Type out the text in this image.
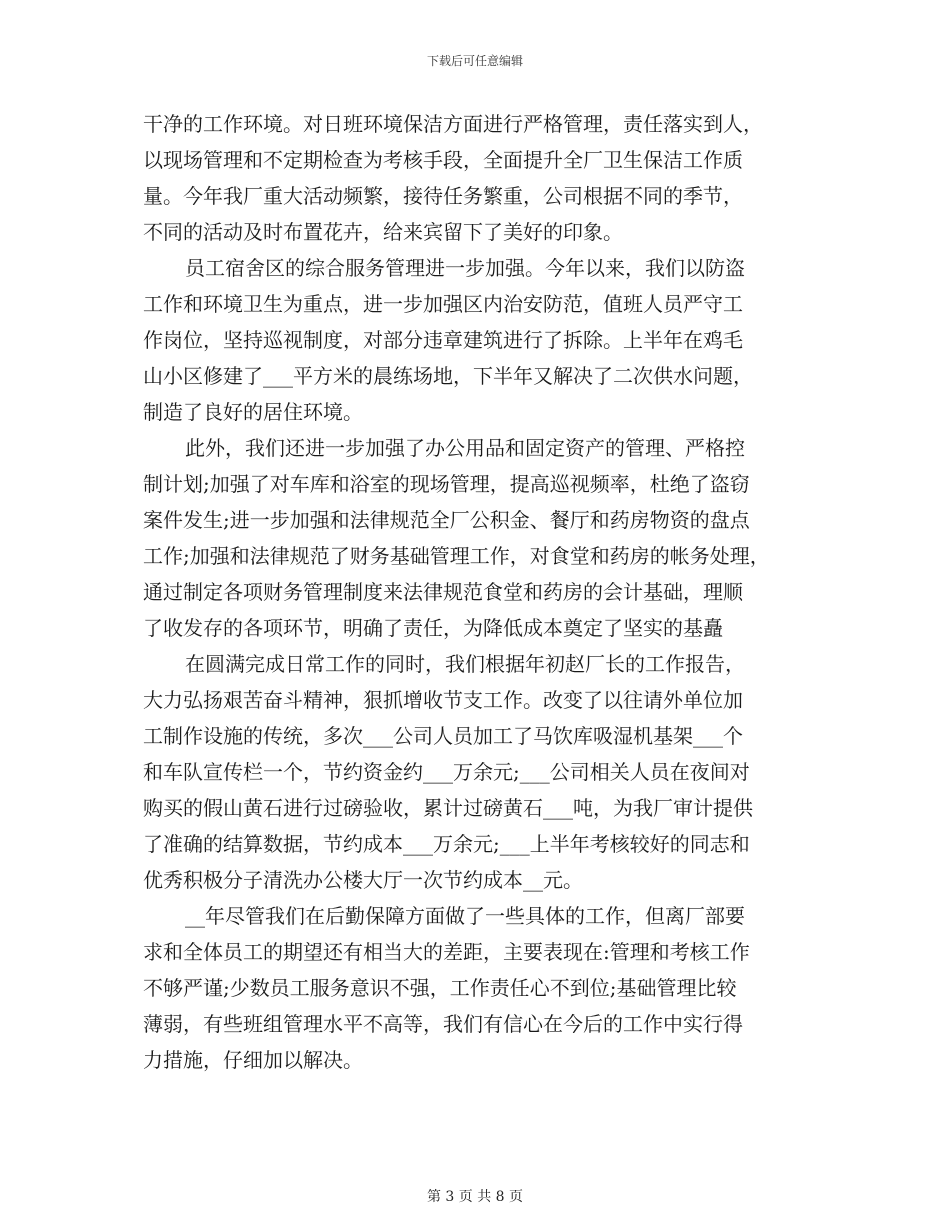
下载后可任意编辑
干净的工作环境。对日班环境保洁方面进行严格管理，责任落实到人，
以现场管理和不定期检查为考核手段，全面提升全厂卫生保洁工作质
量。今年我厂重大活动频繁，接待任务繁重，公司根据不同的季节，
不同的活动及时布置花卉，给来宾留下了美好的印象。
员工宿舍区的综合服务管理进一步加强。今年以来，我们以防盗
工作和环境卫生为重点，进一步加强区内治安防范，值班人员严守工
作岗位，坚持巡视制度，对部分违章建筑进行了拆除。上半年在鸡毛
山小区修建了___平方米的晨练场地，下半年又解决了二次供水问题，
制造了良好的居住环境。
此外，我们还进一步加强了办公用品和固定资产的管理、严格控
制计划;加强了对车库和浴室的现场管理，提高巡视频率，杜绝了盗窃
案件发生;进一步加强和法律规范全厂公积金、餐厅和药房物资的盘点
工作;加强和法律规范了财务基础管理工作，对食堂和药房的帐务处理，
通过制定各项财务管理制度来法律规范食堂和药房的会计基础，理顺
了收发存的各项环节，明确了责任，为降低成本奠定了坚实的基矗
在圆满完成日常工作的同时，我们根据年初赵厂长的工作报告，
大力弘扬艰苦奋斗精神，狠抓增收节支工作。改变了以往请外单位加
工制作设施的传统，多次___公司人员加工了马饮库吸湿机基架___个
和车队宣传栏一个，节约资金约___万余元;___公司相关人员在夜间对
购买的假山黄石进行过磅验收，累计过磅黄石___吨，为我厂审计提供
了准确的结算数据，节约成本___万余元;___上半年考核较好的同志和
优秀积极分子清洗办公楼大厅一次节约成本__元。
__年尽管我们在后勤保障方面做了一些具体的工作，但离厂部要
求和全体员工的期望还有相当大的差距，主要表现在:管理和考核工作
不够严谨;少数员工服务意识不强，工作责任心不到位;基础管理比较
薄弱，有些班组管理水平不高等，我们有信心在今后的工作中实行得
力措施，仔细加以解决。
第 3 页 共 8 页
